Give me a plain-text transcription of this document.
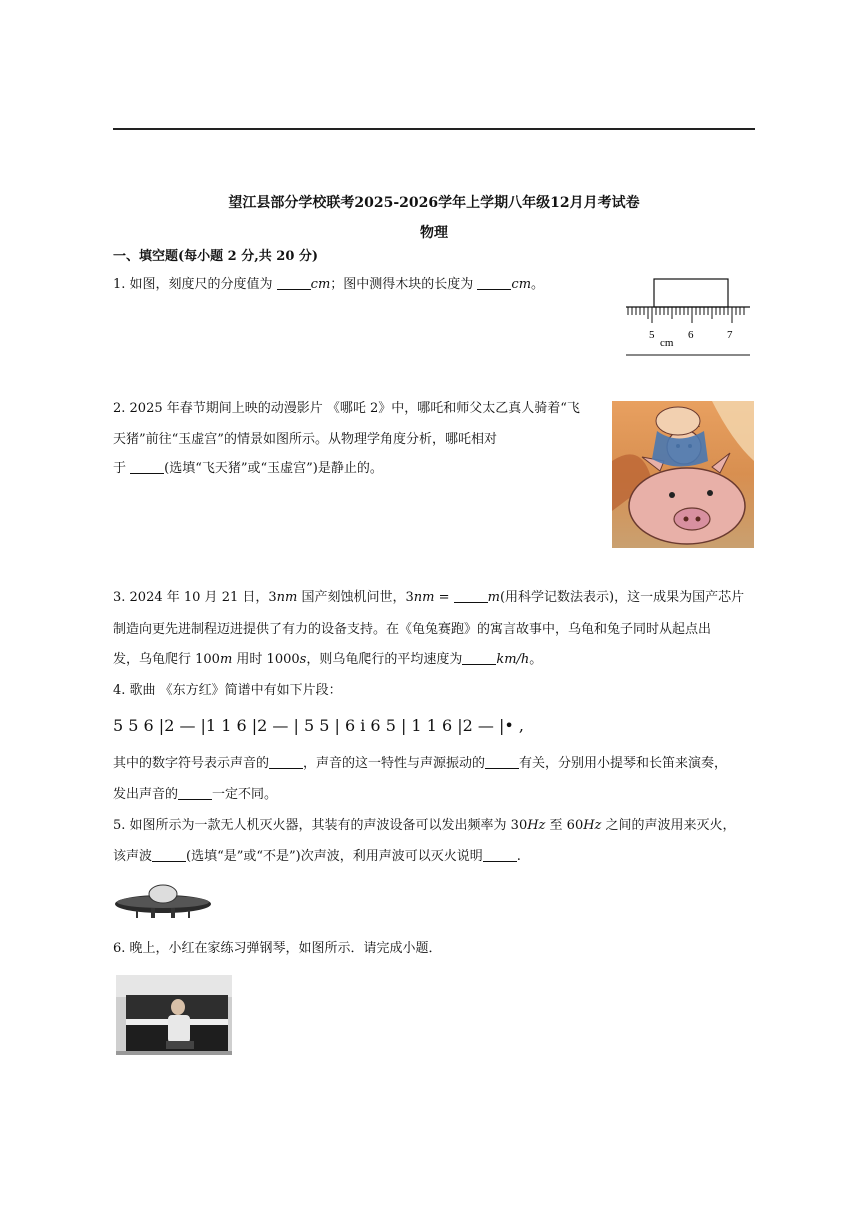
望江县部分学校联考2025-2026学年上学期八年级12月月考试卷
物理
一、填空题(每小题 2 分,共 20 分)
1. 如图，刻度尺的分度值为	cm；图中测得木块的长度为	cm。
5
cm
6	7
2. 2025 年春节期间上映的动漫影片 《哪吒 2》中，哪吒和师父太乙真人骑着“飞
天猪”前往“玉虚宫”的情景如图所示。从物理学角度分析，哪吒相对
于	(选填“飞天猪”或“玉虚宫”)是静止的。
3. 2024 年 10 月 21 日，3nm 国产刻蚀机问世，3nm =	m(用科学记数法表示)，这一成果为国产芯片
制造向更先进制程迈进提供了有力的设备支持。在《龟兔赛跑》的寓言故事中，乌龟和兔子同时从起点出
发，乌龟爬行 100m 用时 1000s，则乌龟爬行的平均速度为	km/h。
4. 歌曲 《东方红》简谱中有如下片段：
5 5 6 |2 — |1 1 6 |2 — | 5 5 | 6 i 6 5 | 1 1 6 |2 — |• ,
其中的数字符号表示声音的	，声音的这一特性与声源振动的	有关，分别用小提琴和长笛来演奏，
发出声音的	一定不同。
5. 如图所示为一款无人机灭火器，其装有的声波设备可以发出频率为 30Hz 至 60Hz 之间的声波用来灭火，
该声波	(选填“是”或“不是”)次声波，利用声波可以灭火说明	.
6. 晚上，小红在家练习弹钢琴，如图所示．请完成小题．
